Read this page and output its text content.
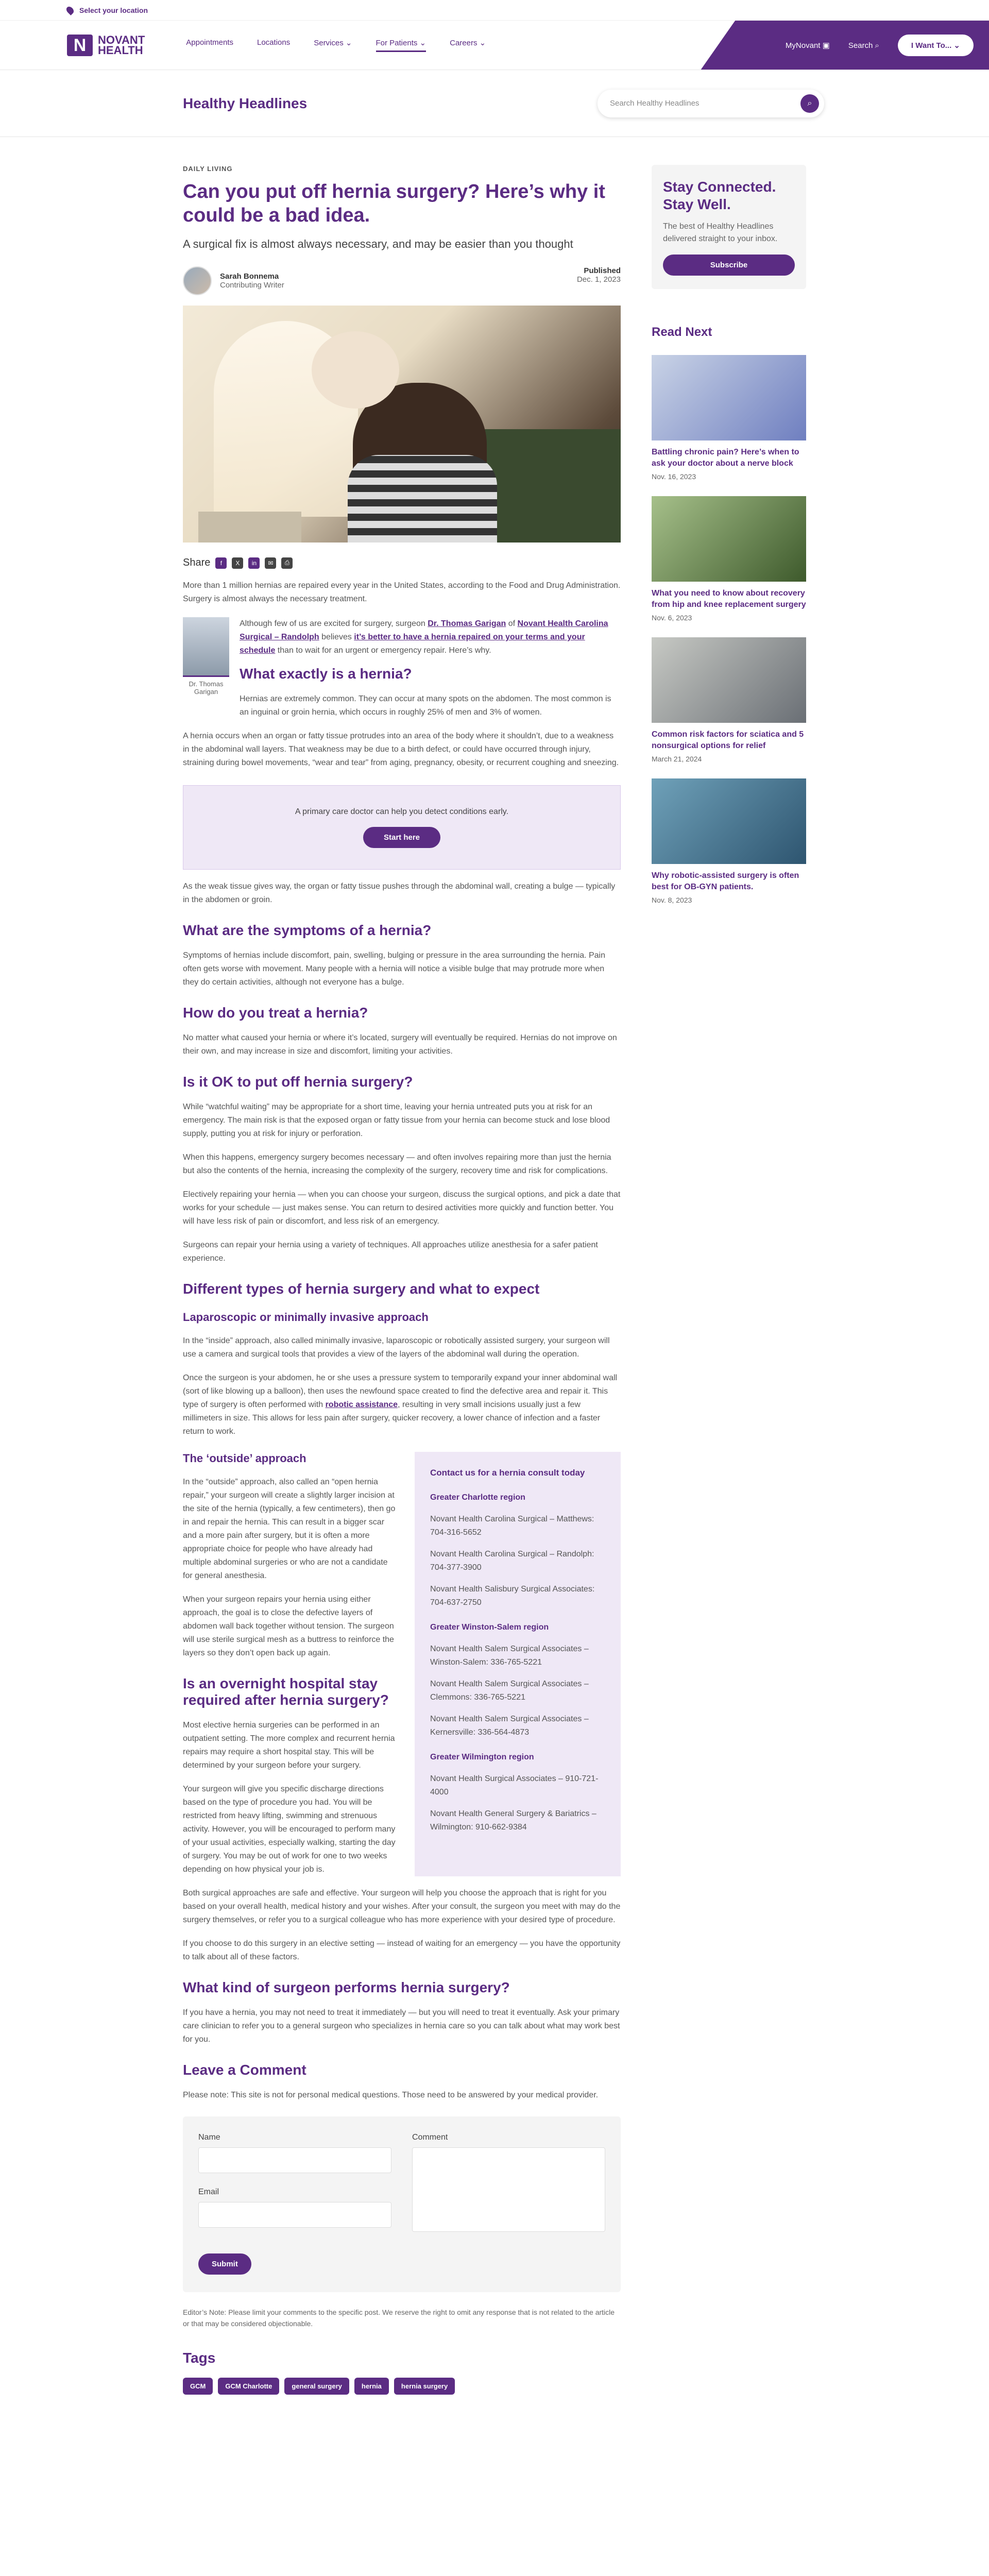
Select your location
N	NOVANT
HEALTH
Appointments	Locations	Services ⌄	For Patients ⌄	Careers ⌄	MyNovant ▣ Search ⌕	I Want To... ⌄
Healthy Headlines	Search Healthy Headlines	⌕
DAILY LIVING
Can you put off hernia surgery? Here’s why it could be a bad idea.
A surgical fix is almost always necessary, and may be easier than you thought
Sarah Bonnema
Contributing Writer
Published
Dec. 1, 2023
Share	f	X	in	✉	⎙

More than 1 million hernias are repaired every year in the United States, according to the Food and Drug Administration. Surgery is almost always the necessary treatment.

Dr. Thomas Garigan

Although few of us are excited for surgery, surgeon Dr. Thomas Garigan of Novant Health Carolina Surgical – Randolph believes it’s better to have a hernia repaired on your terms and your schedule than to wait for an urgent or emergency repair. Here’s why.

What exactly is a hernia?

Hernias are extremely common. They can occur at many spots on the abdomen. The most common is an inguinal or groin hernia, which occurs in roughly 25% of men and 3% of women.

A hernia occurs when an organ or fatty tissue protrudes into an area of the body where it shouldn’t, due to a weakness in the abdominal wall layers. That weakness may be due to a birth defect, or could have occurred through injury, straining during bowel movements, “wear and tear” from aging, pregnancy, obesity, or recurrent coughing and sneezing.

A primary care doctor can help you detect conditions early.
Start here

As the weak tissue gives way, the organ or fatty tissue pushes through the abdominal wall, creating a bulge — typically in the abdomen or groin.

What are the symptoms of a hernia?

Symptoms of hernias include discomfort, pain, swelling, bulging or pressure in the area surrounding the hernia. Pain often gets worse with movement. Many people with a hernia will notice a visible bulge that may protrude more when they do certain activities, although not everyone has a bulge.

How do you treat a hernia?

No matter what caused your hernia or where it’s located, surgery will eventually be required. Hernias do not improve on their own, and may increase in size and discomfort, limiting your activities.

Is it OK to put off hernia surgery?

While “watchful waiting” may be appropriate for a short time, leaving your hernia untreated puts you at risk for an emergency. The main risk is that the exposed organ or fatty tissue from your hernia can become stuck and lose blood supply, putting you at risk for injury or perforation.

When this happens, emergency surgery becomes necessary — and often involves repairing more than just the hernia but also the contents of the hernia, increasing the complexity of the surgery, recovery time and risk for complications.

Electively repairing your hernia — when you can choose your surgeon, discuss the surgical options, and pick a date that works for your schedule — just makes sense. You can return to desired activities more quickly and function better. You will have less risk of pain or discomfort, and less risk of an emergency.

Surgeons can repair your hernia using a variety of techniques. All approaches utilize anesthesia for a safer patient experience.

Different types of hernia surgery and what to expect
Laparoscopic or minimally invasive approach

In the “inside” approach, also called minimally invasive, laparoscopic or robotically assisted surgery, your surgeon will use a camera and surgical tools that provides a view of the layers of the abdominal wall during the operation.

Once the surgeon is your abdomen, he or she uses a pressure system to temporarily expand your inner abdominal wall (sort of like blowing up a balloon), then uses the newfound space created to find the defective area and repair it. This type of surgery is often performed with robotic assistance, resulting in very small incisions usually just a few millimeters in size. This allows for less pain after surgery, quicker recovery, a lower chance of infection and a faster return to work.

The ‘outside’ approach

In the “outside” approach, also called an “open hernia repair,” your surgeon will create a slightly larger incision at the site of the hernia (typically, a few centimeters), then go in and repair the hernia. This can result in a bigger scar and a more pain after surgery, but it is often a more appropriate choice for people who have already had multiple abdominal surgeries or who are not a candidate for general anesthesia.

When your surgeon repairs your hernia using either approach, the goal is to close the defective layers of abdomen wall back together without tension. The surgeon will use sterile surgical mesh as a buttress to reinforce the layers so they don’t open back up again.

Is an overnight hospital stay required after hernia surgery?

Most elective hernia surgeries can be performed in an outpatient setting. The more complex and recurrent hernia repairs may require a short hospital stay. This will be determined by your surgeon before your surgery.

Your surgeon will give you specific discharge directions based on the type of procedure you had. You will be restricted from heavy lifting, swimming and strenuous activity. However, you will be encouraged to perform many of your usual activities, especially walking, starting the day of surgery. You may be out of work for one to two weeks depending on how physical your job is.

Contact us for a hernia consult today
Greater Charlotte region
Novant Health Carolina Surgical – Matthews: 704-316-5652
Novant Health Carolina Surgical – Randolph: 704-377-3900
Novant Health Salisbury Surgical Associates: 704-637-2750
Greater Winston-Salem region
Novant Health Salem Surgical Associates – Winston-Salem: 336-765-5221
Novant Health Salem Surgical Associates – Clemmons: 336-765-5221
Novant Health Salem Surgical Associates – Kernersville: 336-564-4873
Greater Wilmington region
Novant Health Surgical Associates – 910-721-4000
Novant Health General Surgery & Bariatrics – Wilmington: 910-662-9384

Both surgical approaches are safe and effective. Your surgeon will help you choose the approach that is right for you based on your overall health, medical history and your wishes. After your consult, the surgeon you meet with may do the surgery themselves, or refer you to a surgical colleague who has more experience with your desired type of procedure.

If you choose to do this surgery in an elective setting — instead of waiting for an emergency — you have the opportunity to talk about all of these factors.

What kind of surgeon performs hernia surgery?

If you have a hernia, you may not need to treat it immediately — but you will need to treat it eventually. Ask your primary care clinician to refer you to a general surgeon who specializes in hernia care so you can talk about what may work best for you.

Leave a Comment

Please note: This site is not for personal medical questions. Those need to be answered by your medical provider.

Name
Email
Comment
Submit

Editor’s Note: Please limit your comments to the specific post. We reserve the right to omit any response that is not related to the article or that may be considered objectionable.

Tags
GCM	GCM Charlotte	general surgery	hernia	hernia surgery
Stay Connected. Stay Well.

The best of Healthy Headlines delivered straight to your inbox.

Subscribe
Read Next
Battling chronic pain? Here’s when to ask your doctor about a nerve block
Nov. 16, 2023
What you need to know about recovery from hip and knee replacement surgery
Nov. 6, 2023
Common risk factors for sciatica and 5 nonsurgical options for relief
March 21, 2024
Why robotic-assisted surgery is often best for OB-GYN patients.
Nov. 8, 2023
